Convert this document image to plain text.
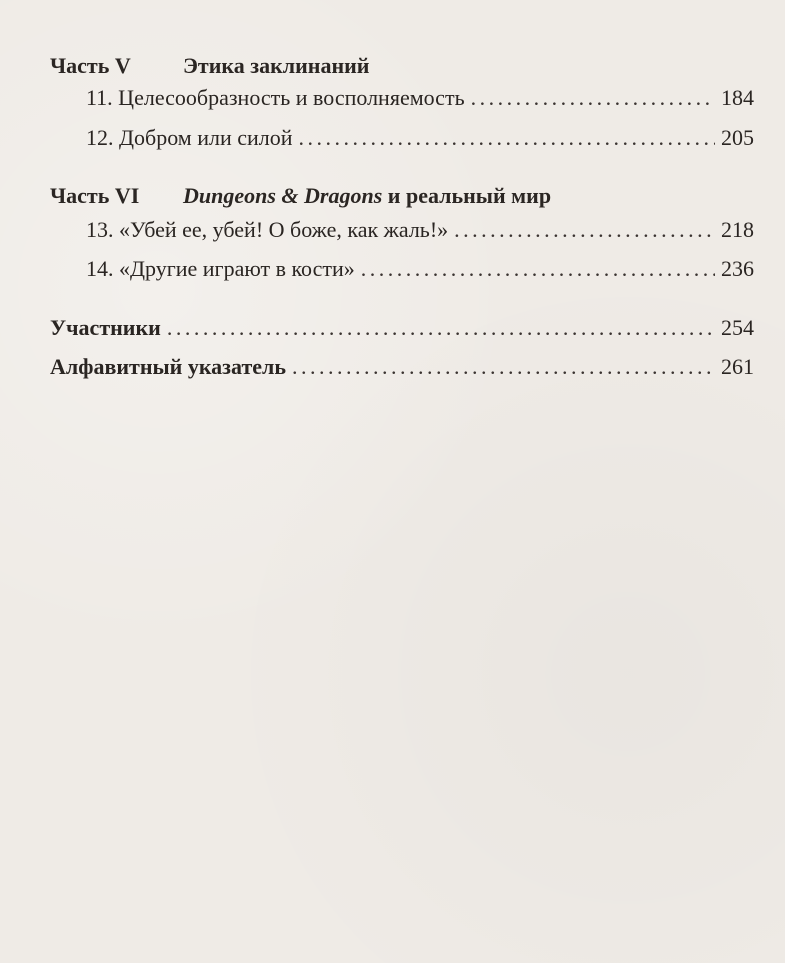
Часть V Этика заклинаний
11. Целесообразность и восполняемость . . .	184
12. Добром или силой . . .	205
Часть VI Dungeons & Dragons и реальный мир
13. «Убей ее, убей! О боже, как жаль!» . . .	218
14. «Другие играют в кости» . . .	236
Участники . . .	254
Алфавитный указатель . . .	261
